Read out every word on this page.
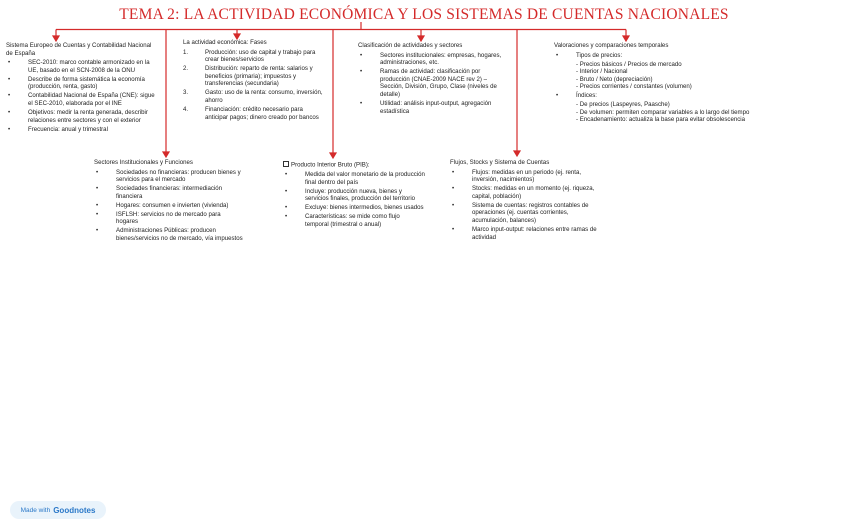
TEMA 2: LA ACTIVIDAD ECONÓMICA Y LOS SISTEMAS DE CUENTAS NACIONALES
Sistema Europeo de Cuentas y Contabilidad Nacional de España
• SEC-2010: marco contable armonizado en la UE, basado en el SCN-2008 de la ONU
• Describe de forma sistemática la economía (producción, renta, gasto)
• Contabilidad Nacional de España (CNE): sigue el SEC-2010, elaborada por el INE
• Objetivos: medir la renta generada, describir relaciones entre sectores y con el exterior
• Frecuencia: anual y trimestral
La actividad económica: Fases
1.	Producción: uso de capital y trabajo para crear bienes/servicios
2.	Distribución: reparto de renta: salarios y beneficios (primaria); impuestos y transferencias (secundaria)
3.	Gasto: uso de la renta: consumo, inversión, ahorro
4.	Financiación: crédito necesario para anticipar pagos; dinero creado por bancos
Clasificación de actividades y sectores
• Sectores institucionales: empresas, hogares, administraciones, etc.
• Ramas de actividad: clasificación por producción (CNAE-2009 NACE rev 2) – Sección, División, Grupo, Clase (niveles de detalle)
• Utilidad: análisis input-output, agregación estadística
Valoraciones y comparaciones temporales
• Tipos de precios:
- Precios básicos / Precios de mercado
- Interior / Nacional
- Bruto / Neto (depreciación)
- Precios corrientes / constantes (volumen)
• Índices:
- De precios (Laspeyres, Paasche)
- De volumen: permiten comparar variables a lo largo del tiempo
- Encadenamiento: actualiza la base para evitar obsolescencia
Sectores Institucionales y Funciones
• Sociedades no financieras: producen bienes y servicios para el mercado
• Sociedades financieras: intermediación financiera
• Hogares: consumen e invierten (vivienda)
• ISFLSH: servicios no de mercado para hogares
• Administraciones Públicas: producen bienes/servicios no de mercado, vía impuestos
Producto Interior Bruto (PIB):
• Medida del valor monetario de la producción final dentro del país
• Incluye: producción nueva, bienes y servicios finales, producción del territorio
• Excluye: bienes intermedios, bienes usados
• Características: se mide como flujo temporal (trimestral o anual)
Flujos, Stocks y Sistema de Cuentas
• Flujos: medidas en un periodo (ej. renta, inversión, nacimientos)
• Stocks: medidas en un momento (ej. riqueza, capital, población)
• Sistema de cuentas: registros contables de operaciones (ej. cuentas corrientes, acumulación, balances)
• Marco input-output: relaciones entre ramas de actividad
Made with Goodnotes
